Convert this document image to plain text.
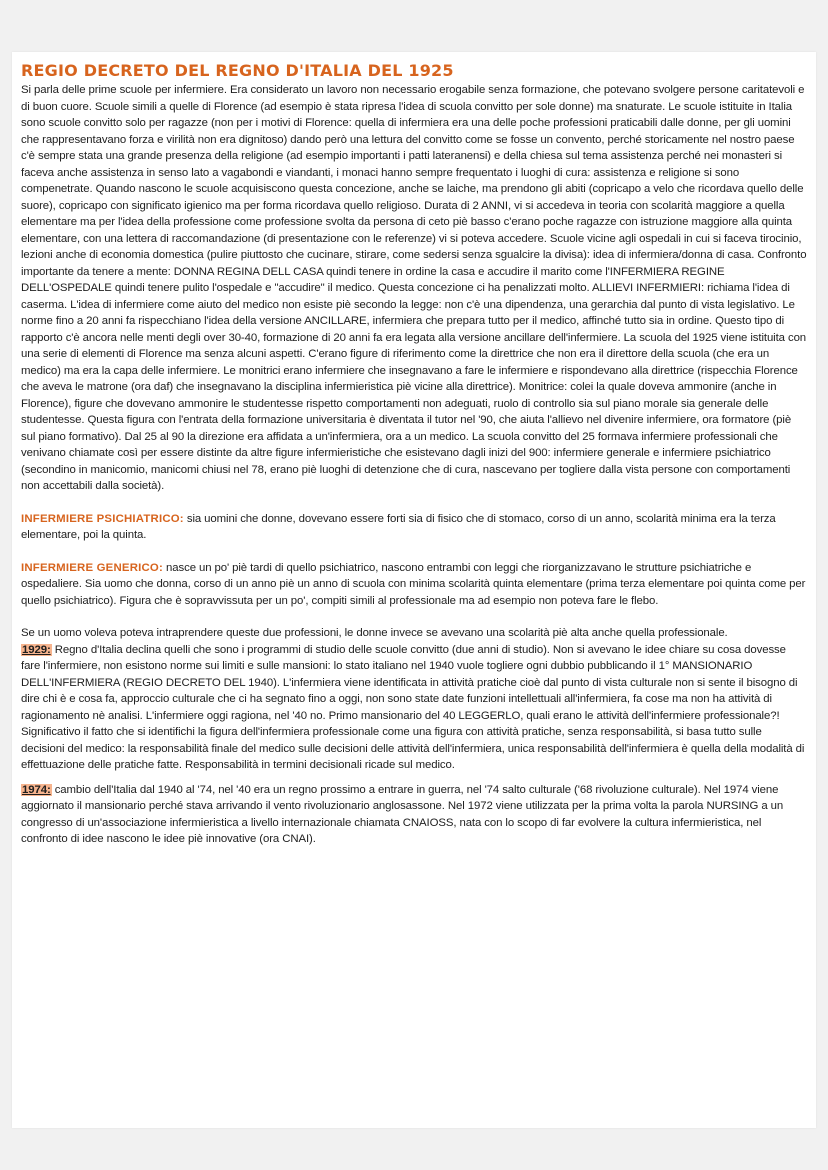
REGIO DECRETO DEL REGNO D'ITALIA DEL 1925

Si parla delle prime scuole per infermiere. Era considerato un lavoro non necessario erogabile senza formazione, che potevano svolgere persone caritatevoli e di buon cuore. Scuole simili a quelle di Florence (ad esempio è stata ripresa l'idea di scuola convitto per sole donne) ma snaturate. Le scuole istituite in Italia sono scuole convitto solo per ragazze (non per i motivi di Florence: quella di infermiera era una delle poche professioni praticabili dalle donne, per gli uomini che rappresentavano forza e virilità non era dignitoso) dando però una lettura del convitto come se fosse un convento, perché storicamente nel nostro paese c'è sempre stata una grande presenza della religione (ad esempio importanti i patti lateranensi) e della chiesa sul tema assistenza perché nei monasteri si faceva anche assistenza in senso lato a vagabondi e viandanti, i monaci hanno sempre frequentato i luoghi di cura: assistenza e religione si sono compenetrate. Quando nascono le scuole acquisiscono questa concezione, anche se laiche, ma prendono gli abiti (copricapo a velo che ricordava quello delle suore), copricapo con significato igienico ma per forma ricordava quello religioso. Durata di 2 ANNI, vi si accedeva in teoria con scolarità maggiore a quella elementare ma per l'idea della professione come professione svolta da persona di ceto piè basso c'erano poche ragazze con istruzione maggiore alla quinta elementare, con una lettera di raccomandazione (di presentazione con le referenze) vi si poteva accedere. Scuole vicine agli ospedali in cui si faceva tirocinio, lezioni anche di economia domestica (pulire piuttosto che cucinare, stirare, come sedersi senza sgualcire la divisa): idea di infermiera/donna di casa. Confronto importante da tenere a mente: DONNA REGINA DELL CASA quindi tenere in ordine la casa e accudire il marito come l'INFERMIERA REGINE DELL'OSPEDALE quindi tenere pulito l'ospedale e "accudire" il medico. Questa concezione ci ha penalizzati molto. ALLIEVI INFERMIERI: richiama l'idea di caserma. L'idea di infermiere come aiuto del medico non esiste piè secondo la legge: non c'è una dipendenza, una gerarchia dal punto di vista legislativo. Le norme fino a 20 anni fa rispecchiano l'idea della versione ANCILLARE, infermiera che prepara tutto per il medico, affinché tutto sia in ordine. Questo tipo di rapporto c'è ancora nelle menti degli over 30-40, formazione di 20 anni fa era legata alla versione ancillare dell'infermiere. La scuola del 1925 viene istituita con una serie di elementi di Florence ma senza alcuni aspetti. C'erano figure di riferimento come la direttrice che non era il direttore della scuola (che era un medico) ma era la capa delle infermiere. Le monitrici erano infermiere che insegnavano a fare le infermiere e rispondevano alla direttrice (rispecchia Florence che aveva le matrone (ora daf) che insegnavano la disciplina infermieristica piè vicine alla direttrice). Monitrice: colei la quale doveva ammonire (anche in Florence), figure che dovevano ammonire le studentesse rispetto comportamenti non adeguati, ruolo di controllo sia sul piano morale sia generale delle studentesse. Questa figura con l'entrata della formazione universitaria è diventata il tutor nel '90, che aiuta l'allievo nel divenire infermiere, ora formatore (piè sul piano formativo). Dal 25 al 90 la direzione era affidata a un'infermiera, ora a un medico. La scuola convitto del 25 formava infermiere professionali che venivano chiamate così per essere distinte da altre figure infermieristiche che esistevano dagli inizi del 900: infermiere generale e infermiere psichiatrico (secondino in manicomio, manicomi chiusi nel 78, erano piè luoghi di detenzione che di cura, nascevano per togliere dalla vista persone con comportamenti non accettabili dalla società).

INFERMIERE PSICHIATRICO: sia uomini che donne, dovevano essere forti sia di fisico che di stomaco, corso di un anno, scolarità minima era la terza elementare, poi la quinta.

INFERMIERE GENERICO: nasce un po' piè tardi di quello psichiatrico, nascono entrambi con leggi che riorganizzavano le strutture psichiatriche e ospedaliere. Sia uomo che donna, corso di un anno piè un anno di scuola con minima scolarità quinta elementare (prima terza elementare poi quinta come per quello psichiatrico). Figura che è sopravvissuta per un po', compiti simili al professionale ma ad esempio non poteva fare le flebo.

Se un uomo voleva poteva intraprendere queste due professioni, le donne invece se avevano una scolarità piè alta anche quella professionale.

1929: Regno d'Italia declina quelli che sono i programmi di studio delle scuole convitto (due anni di studio). Non si avevano le idee chiare su cosa dovesse fare l'infermiere, non esistono norme sui limiti e sulle mansioni: lo stato italiano nel 1940 vuole togliere ogni dubbio pubblicando il 1° MANSIONARIO DELL'INFERMIERA (REGIO DECRETO DEL 1940). L'infermiera viene identificata in attività pratiche cioè dal punto di vista culturale non si sente il bisogno di dire chi è e cosa fa, approccio culturale che ci ha segnato fino a oggi, non sono state date funzioni intellettuali all'infermiera, fa cose ma non ha attività di ragionamento nè analisi. L'infermiere oggi ragiona, nel '40 no. Primo mansionario del 40 LEGGERLO, quali erano le attività dell'infermiere professionale?!

Significativo il fatto che si identifichi la figura dell'infermiera professionale come una figura con attività pratiche, senza responsabilità, si basa tutto sulle decisioni del medico: la responsabilità finale del medico sulle decisioni delle attività dell'infermiera, unica responsabilità dell'infermiera è quella della modalità di effettuazione delle pratiche fatte. Responsabilità in termini decisionali ricade sul medico.

1974: cambio dell'Italia dal 1940 al '74, nel '40 era un regno prossimo a entrare in guerra, nel '74 salto culturale ('68 rivoluzione culturale). Nel 1974 viene aggiornato il mansionario perché stava arrivando il vento rivoluzionario anglosassone. Nel 1972 viene utilizzata per la prima volta la parola NURSING a un congresso di un'associazione infermieristica a livello internazionale chiamata CNAIOSS, nata con lo scopo di far evolvere la cultura infermieristica, nel confronto di idee nascono le idee piè innovative (ora CNAI).
